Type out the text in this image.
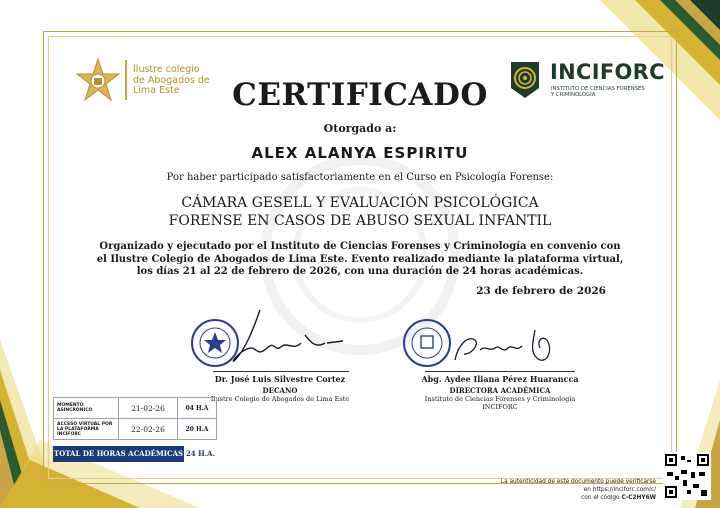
Ilustre colegio
de Abogados de
Lima Este
INCIFORC
INSTITUTO DE CIENCIAS FORENSES
Y CRIMINOLOGÍA
CERTIFICADO
Otorgado a:
ALEX ALANYA ESPIRITU
Por haber participado satisfactoriamente en el Curso en Psicología Forense:
CÁMARA GESELL Y EVALUACIÓN PSICOLÓGICA
FORENSE EN CASOS DE ABUSO SEXUAL INFANTIL
Organizado y ejecutado por el Instituto de Ciencias Forenses y Criminología en convenio con
el Ilustre Colegio de Abogados de Lima Este. Evento realizado mediante la plataforma virtual,
los días 21 al 22 de febrero de 2026, con una duración de 24 horas académicas.
23 de febrero de 2026
Dr. José Luis Silvestre Cortez
DECANO
Ilustre Colegio de Abogados de Lima Este
Abg. Aydee Iliana Pérez Huarancca
DIRECTORA ACADÉMICA
Instituto de Ciencias Forenses y Criminología
INCIFORC
MOMENTO ASINCRÓNICO	21-02-26	04 H.A
ACCESO VIRTUAL POR LA PLATAFORMA INCIFORC	22-02-26	20 H.A
TOTAL DE HORAS ACADÉMICAS 24 H.A.
La autenticidad de este documento puede verificarse
en https://inciforc.com/c/
con el código C-C2HY6W
